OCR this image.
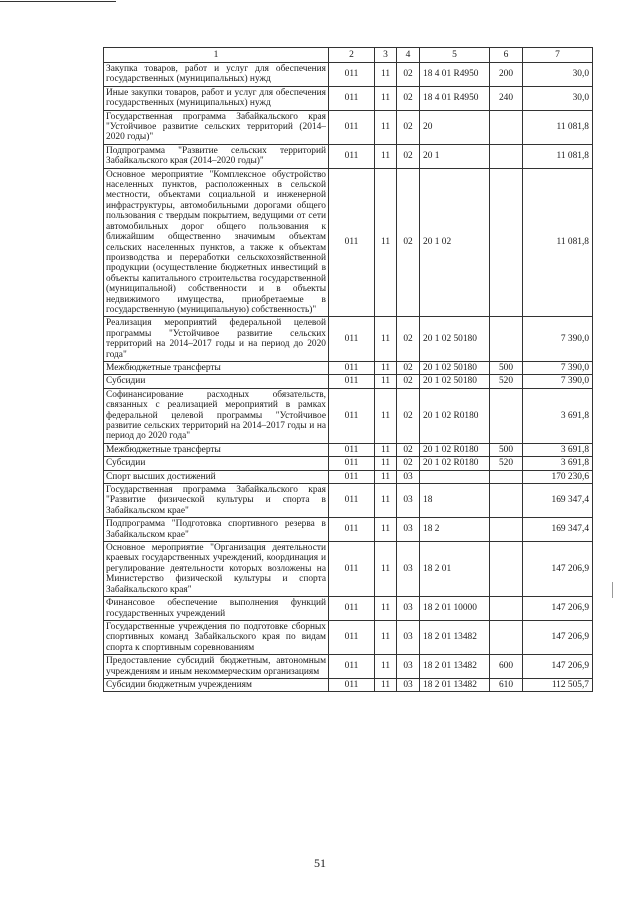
1	2	3	4	5	6	7
Закупка товаров, работ и услуг для обеспечения государственных (муниципальных) нужд	011	11	02	18 4 01 R4950	200	30,0
Иные закупки товаров, работ и услуг для обеспечения государственных (муниципальных) нужд	011	11	02	18 4 01 R4950	240	30,0
Государственная программа Забайкальского края "Устойчивое развитие сельских территорий (2014–2020 годы)"	011	11	02	20		11 081,8
Подпрограмма "Развитие сельских территорий Забайкальского края (2014–2020 годы)"	011	11	02	20 1		11 081,8
Основное мероприятие "Комплексное обустройство населенных пунктов, расположенных в сельской местности, объектами социальной и инженерной инфраструктуры, автомобильными дорогами общего пользования с твердым покрытием, ведущими от сети автомобильных дорог общего пользования к ближайшим общественно значимым объектам сельских населенных пунктов, а также к объектам производства и переработки сельскохозяйственной продукции (осуществление бюджетных инвестиций в объекты капитального строительства государственной (муниципальной) собственности и в объекты недвижимого имущества, приобретаемые в государственную (муниципальную) собственность)"	011	11	02	20 1 02		11 081,8
Реализация мероприятий федеральной целевой программы "Устойчивое развитие сельских территорий на 2014–2017 годы и на период до 2020 года"	011	11	02	20 1 02 50180		7 390,0
Межбюджетные трансферты	011	11	02	20 1 02 50180	500	7 390,0
Субсидии	011	11	02	20 1 02 50180	520	7 390,0
Софинансирование расходных обязательств, связанных с реализацией мероприятий в рамках федеральной целевой программы "Устойчивое развитие сельских территорий на 2014–2017 годы и на период до 2020 года"	011	11	02	20 1 02 R0180		3 691,8
Межбюджетные трансферты	011	11	02	20 1 02 R0180	500	3 691,8
Субсидии	011	11	02	20 1 02 R0180	520	3 691,8
Спорт высших достижений	011	11	03			170 230,6
Государственная программа Забайкальского края "Развитие физической культуры и спорта в Забайкальском крае"	011	11	03	18		169 347,4
Подпрограмма "Подготовка спортивного резерва в Забайкальском крае"	011	11	03	18 2		169 347,4
Основное мероприятие "Организация деятельности краевых государственных учреждений, координация и регулирование деятельности которых возложены на Министерство физической культуры и спорта Забайкальского края"	011	11	03	18 2 01		147 206,9
Финансовое обеспечение выполнения функций государственных учреждений	011	11	03	18 2 01 10000		147 206,9
Государственные учреждения по подготовке сборных спортивных команд Забайкальского края по видам спорта к спортивным соревнованиям	011	11	03	18 2 01 13482		147 206,9
Предоставление субсидий бюджетным, автономным учреждениям и иным некоммерческим организациям	011	11	03	18 2 01 13482	600	147 206,9
Субсидии бюджетным учреждениям	011	11	03	18 2 01 13482	610	112 505,7
51
